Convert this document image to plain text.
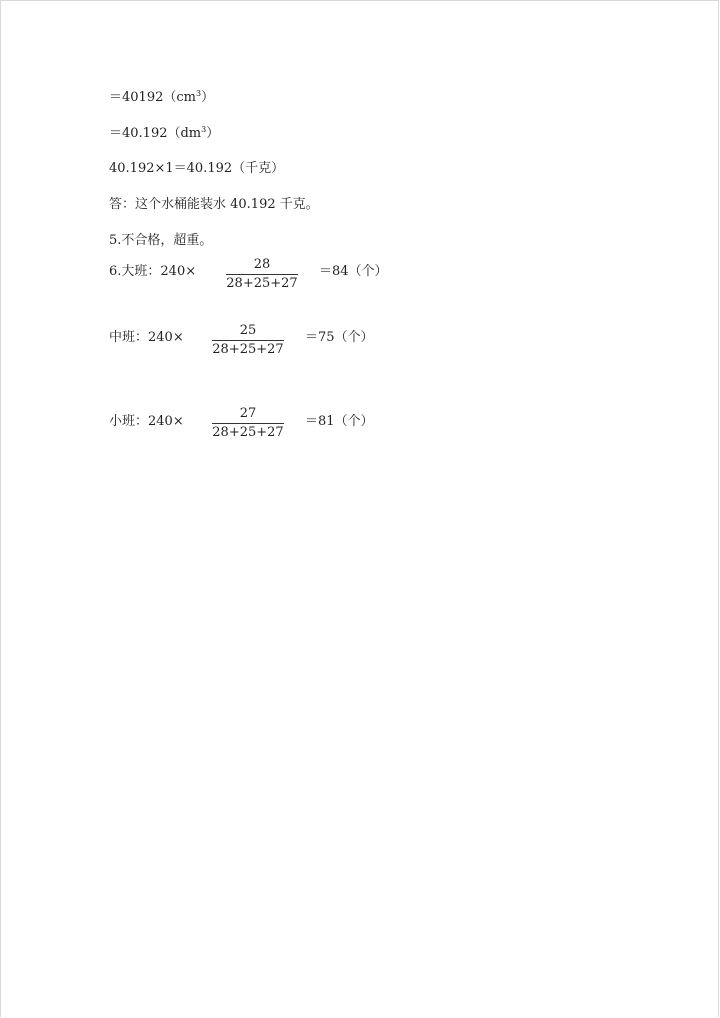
$=40192(cm^3)$
$=40.192(dm^3)$
40.192×1＝40.192（千克）
答：这个水桶能装水 40.192 千克。
5.不合格，超重。
6.大班：240×	28
28+25+27
＝84（个）
中班：240×	25
28+25+27
＝75（个）
小班：240×
27
28+25+27
＝81（个）
